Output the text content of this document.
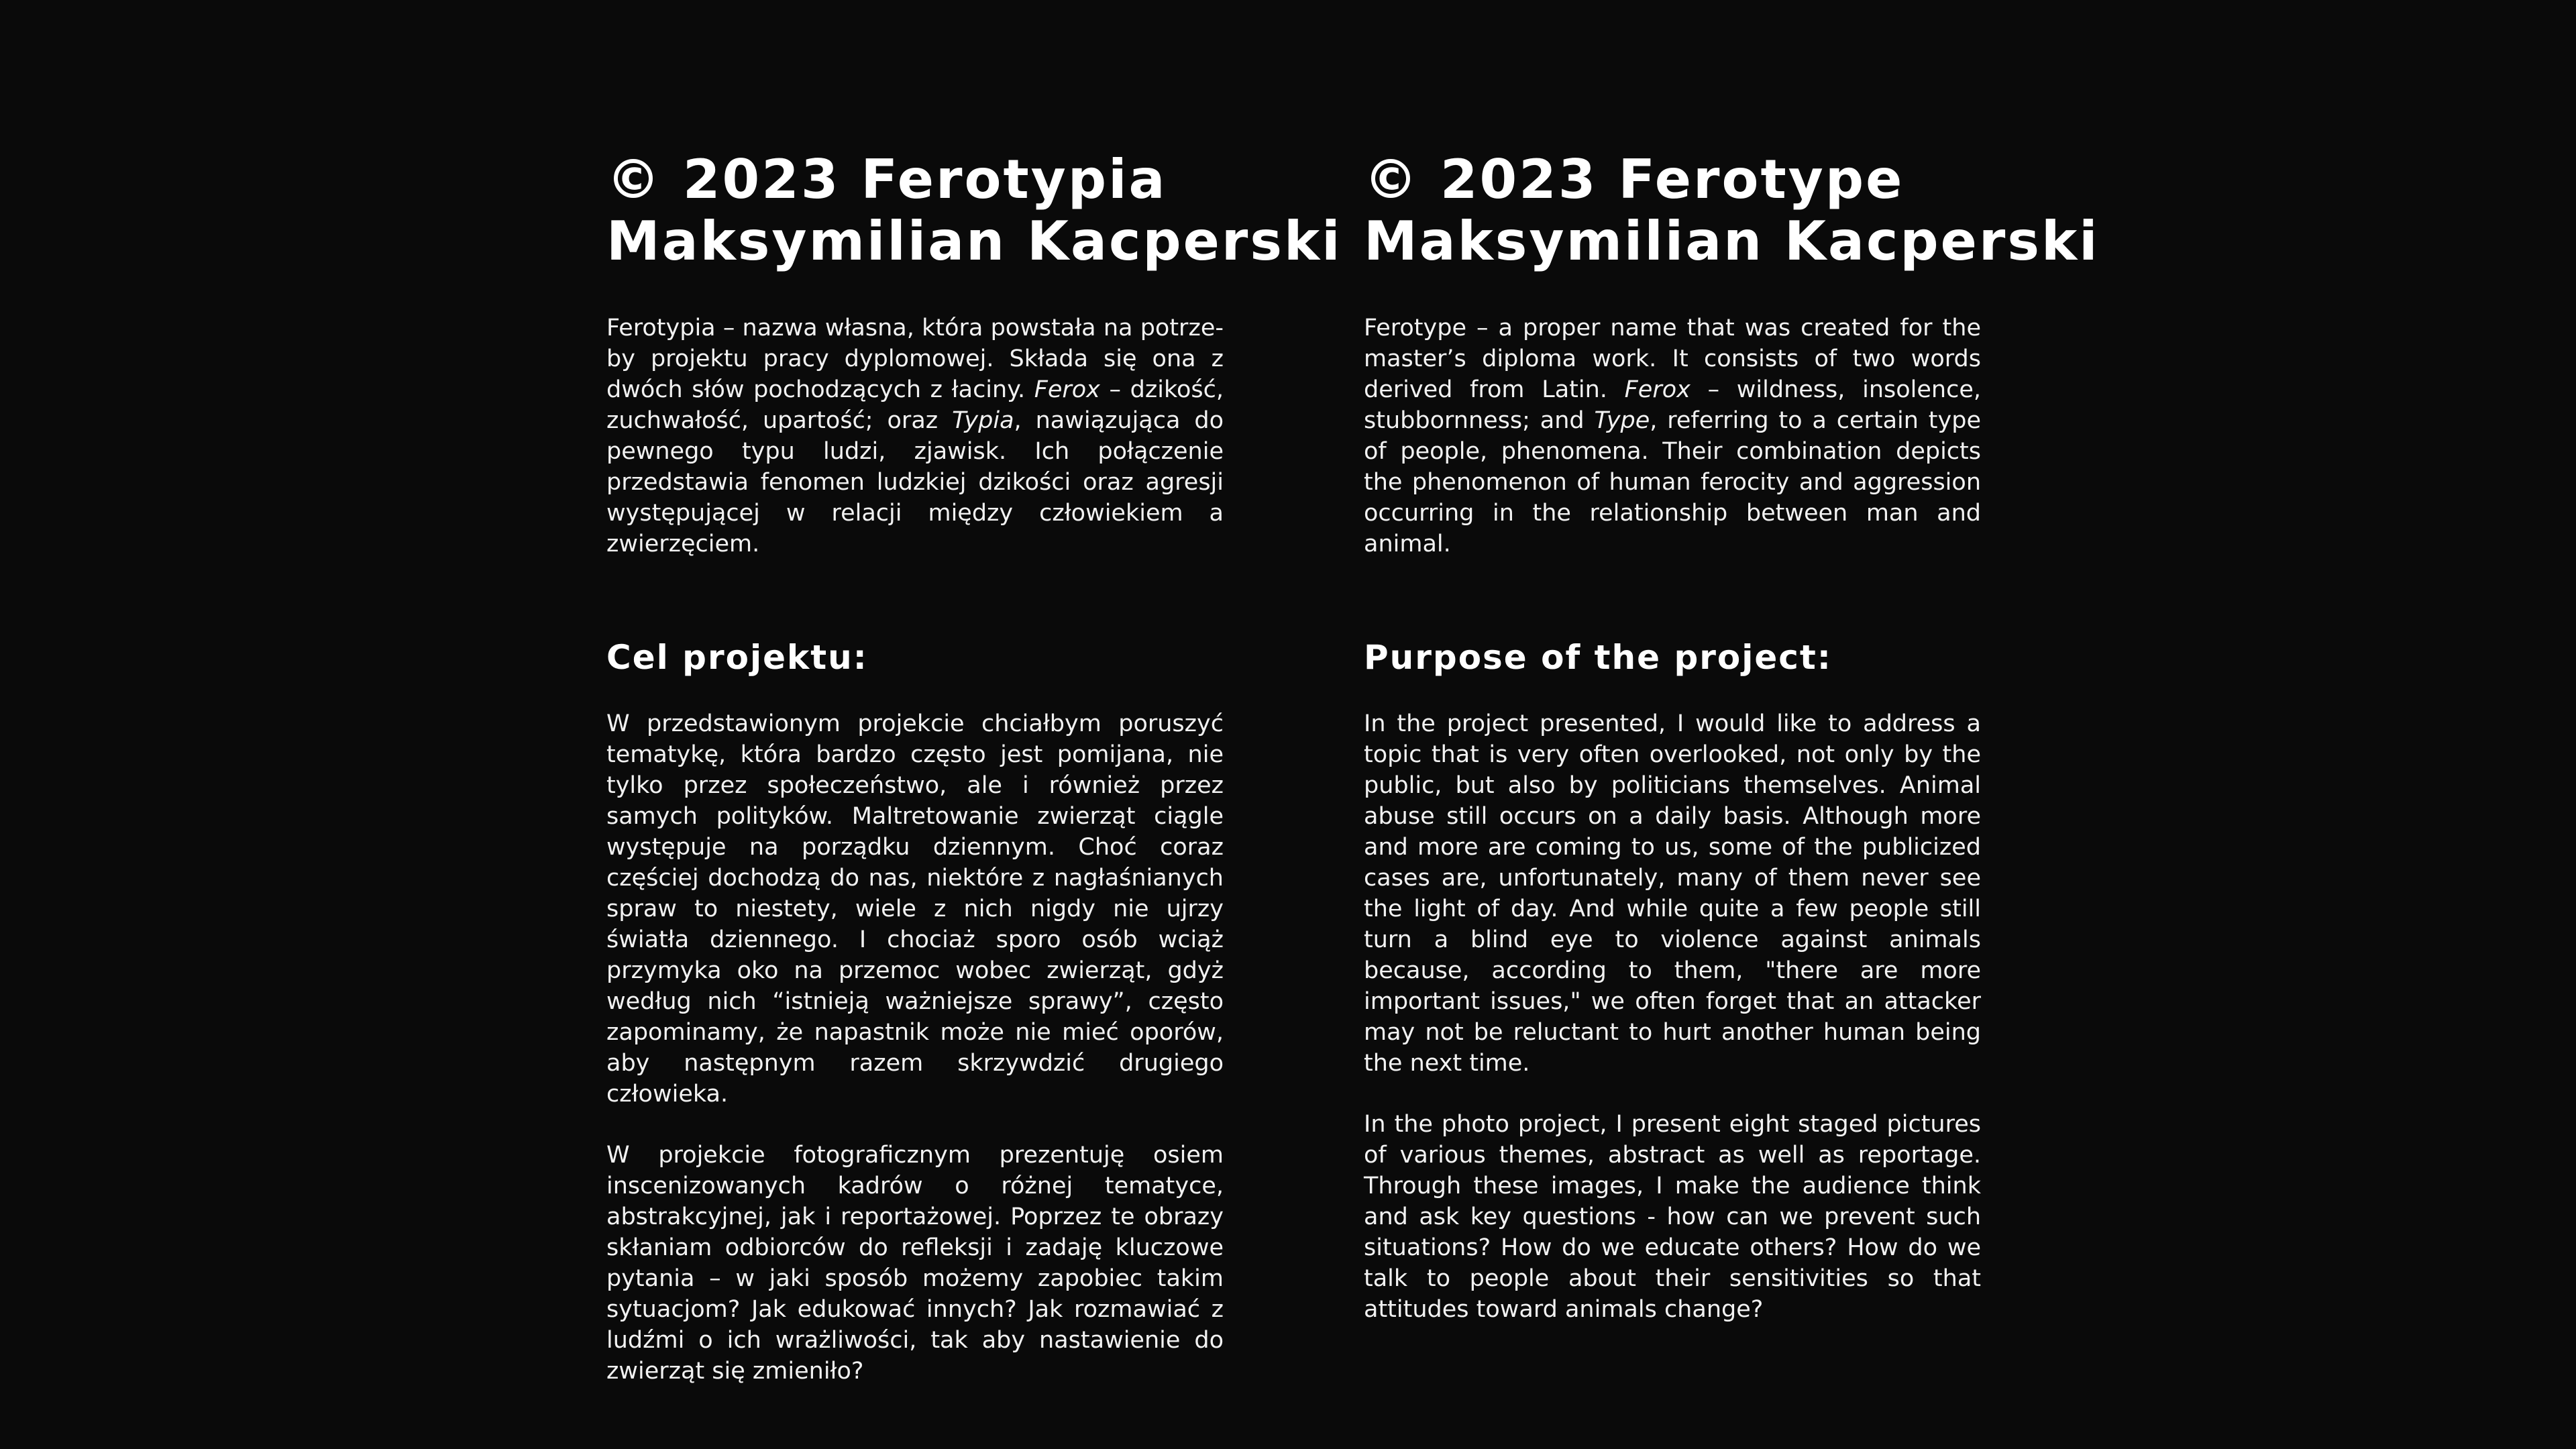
© 2023 Ferotypia
Maksymilian Kacperski

Ferotypia – nazwa własna, która powstała na potrzeby projektu pracy dyplomowej. Składa się ona z dwóch słów pochodzących z łaciny. Ferox – dzikość, zuchwałość, upartość; oraz Typia, nawiązująca do pewnego typu ludzi, zjawisk. Ich połączenie przedstawia fenomen ludzkiej dzikości oraz agresji występującej w relacji między człowiekiem a zwierzęciem.

Cel projektu:

W przedstawionym projekcie chciałbym poruszyć tematykę, która bardzo często jest pomijana, nie tylko przez społeczeństwo, ale i również przez samych polityków. Maltretowanie zwierząt ciągle występuje na porządku dziennym. Choć coraz częściej dochodzą do nas, niektóre z nagłaśnianych spraw to niestety, wiele z nich nigdy nie ujrzy światła dziennego. I chociaż sporo osób wciąż przymyka oko na przemoc wobec zwierząt, gdyż według nich “istnieją ważniejsze sprawy”, często zapominamy, że napastnik może nie mieć oporów, aby następnym razem skrzywdzić drugiego człowieka.

W projekcie fotograficznym prezentuję osiem inscenizowanych kadrów o różnej tematyce, abstrakcyjnej, jak i reportażowej. Poprzez te obrazy skłaniam odbiorców do refleksji i zadaję kluczowe pytania – w jaki sposób możemy zapobiec takim sytuacjom? Jak edukować innych? Jak rozmawiać z ludźmi o ich wrażliwości, tak aby nastawienie do zwierząt się zmieniło?

© 2023 Ferotype
Maksymilian Kacperski

Ferotype – a proper name that was created for the master’s diploma work. It consists of two words derived from Latin. Ferox – wildness, insolence, stubbornness; and Type, referring to a certain type of people, phenomena. Their combination depicts the phenomenon of human ferocity and aggression occurring in the relationship between man and animal.

Purpose of the project:

In the project presented, I would like to address a topic that is very often overlooked, not only by the public, but also by politicians themselves. Animal abuse still occurs on a daily basis. Although more and more are coming to us, some of the publicized cases are, unfortunately, many of them never see the light of day. And while quite a few people still turn a blind eye to violence against animals because, according to them, "there are more important issues," we often forget that an attacker may not be reluctant to hurt another human being the next time.

In the photo project, I present eight staged pictures of various themes, abstract as well as reportage. Through these images, I make the audience think and ask key questions - how can we prevent such situations? How do we educate others? How do we talk to people about their sensitivities so that attitudes toward animals change?
